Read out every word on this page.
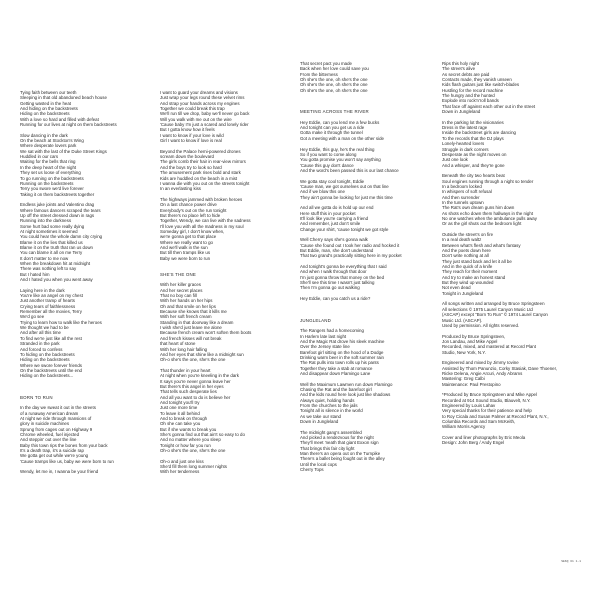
Tying faith between our teeth
Sleeping in that old abandoned beach house
Getting wasted in the heat
And hiding on the backstreets
Hiding on the backstreets
With a love so hard and filled with defeat
Running for our lives at night on them backstreets
Slow dancing in the dark
On the beach at Stockton's Wing
Where desperate lovers park
We sat with the last of the Duke Street Kings
Huddled in our cars
Waiting for the bells that ring
In the deep heart of the night
They set us loose of everything
To go running on the backstreets
Running on the backstreets
Terry you swore we'd live forever
Taking it on them backstreets together
Endless juke joints and Valentino drag
Where famous dancers scraped the tears
Up off the street dressed down in rags
Running into the darkness
Some hurt bad some really dying
At night sometimes it seemed
You could hear the whole damn city crying
Blame it on the lies that killed us
Blame it on the truth that ran us down
You can blame it all on me Terry
It don't matter to me now
When the breakdown hit at midnight
There was nothing left to say
But I hated him
And I hated you when you went away
Laying here in the dark
You're like an angel on my chest
Just another tramp of hearts
Crying tears of faithlessness
Remember all the movies, Terry
We'd go see
Trying to learn how to walk like the heroes
We thought we had to be
And after all this time
To find we're just like all the rest
Stranded in the park
And forced to confess
To hiding on the backstreets
Hiding on the backstreets
Where we swore forever friends
On the backstreets until the end
Hiding on the backstreets...
BORN TO RUN
In the day we sweat it out in the streets
of a runaway American dream
At night we ride through mansions of
glory in suicide machines
Sprung from cages out on Highway 9
Chrome wheeled, fuel injected
And steppin' out over the line
Baby this town rips the bones from your back
It's a death trap, it's a suicide rap
We gotta get out while we're young
'Cause tramps like us, baby we were born to run
Wendy, let me in, I wanna be your friend
I want to guard your dreams and visions
Just wrap your legs round these velvet rims
And strap your hands across my engines
Together we could break this trap
We'll run till we drop, baby we'll never go back
Will you walk with me out on the wire
'Cause baby I'm just a scared and lonely rider
But I gotta know how it feels
I want to know if your love is wild
Girl I want to know if love is real
Beyond the Palace hemi-powered drones
scream down the boulevard
The girls comb their hair in rear-view mirrors
And the boys try to look so hard
The amusement park rises bold and stark
Kids are huddled on the beach in a mist
I wanna die with you out on the streets tonight
In an everlasting kiss
The highways jammed with broken heroes
On a last chance power drive
Everybody's out on the run tonight
But there's no place left to hide
Together, Wendy, we can live with the sadness
I'll love you with all the madness in my soul
Someday girl, I don't know when,
we're gonna get to that place
Where we really want to go
And we'll walk in the sun
But till then tramps like us
Baby we were born to run
SHE'S THE ONE
With her killer graces
And her secret places
That no boy can fill
With her hands on her hips
Oh and that smile on her lips
Because she knows that it kills me
With her soft french cream
Standing in that doorway like a dream
I wish she'd just leave me alone
Because french cream won't soften them boots
And french kisses will not break
that heart of stone
With her long hair falling
And her eyes that shine like a midnight sun
Oh-o she's the one, she's the one
That thunder in your heart
At night when you're kneeling in the dark
It says you're never gonna leave her
But there's this angel in her eyes
That tells such desperate lies
And all you want to do is believe her
And tonight you'll try
Just one more time
To leave it all behind
And to break on through
Oh she can take you
But if she wants to break you
She's gonna find out that ain't so easy to do
And no matter where you sleep
Tonight or how far you run
Oh-o she's the one, she's the one
Oh-o and just one kiss
She'd fill them long summer nights
With her tenderness
That secret pact you made
Back when her love could save you
From the bitterness
Oh she's the one, oh she's the one
Oh she's the one, oh she's the one
Oh she's the one, oh she's the one
MEETING ACROSS THE RIVER
Hey Eddie, can you lend me a few bucks
And tonight can you get us a ride
Gotta make it through the tunnel
Got a meeting with a man on the other side
Hey Eddie, this guy, he's the real thing
So if you want to come along
You gotta promise you won't say anything
'Cause this guy don't dance
And the word's been passed this is our last chance
We gotta stay cool tonight, Eddie
'Cause man, we got ourselves out on that line
And if we blow this one
They ain't gonna be looking for just me this time
And all we gotta do is hold up our end
Here stuff this in your pocket
It'll look like you're carrying a friend
And remember, just don't smile
Change your shirt, 'cause tonight we got style
Well Cherry says she's gonna walk
'Cause she found out I took her radio and hocked it
But Eddie, man, she don't understand
That two grand's practically sitting here in my pocket
And tonight's gonna be everything that I said
And when I walk through that door
I'm just gonna throw that money on the bed
She'll see this time I wasn't just talking
Then I'm gonna go out walking
Hey Eddie, can you catch us a ride?
JUNGLELAND
The Rangers had a homecoming
In Harlem late last night
And the Magic Rat drove his sleek machine
Over the Jersey state line
Barefoot girl sitting on the hood of a Dodge
Drinking warm beer in the soft summer rain
The Rat pulls into town rolls up his pants
Together they take a stab at romance
And disappear down Flamingo Lane
Well the Maximum Lawmen run down Flamingo
Chasing the Rat and the barefoot girl
And the kids round here look just like shadows
Always quiet, holding hands
From the churches to the jails
Tonight all is silence in the world
As we take our stand
Down in Jungleland
The midnight gang's assembled
And picked a rendezvous for the night
They'll meet 'neath that giant Exxon sign
That brings this fair city light
Man there's an opera out on the Turnpike
There's a ballet being fought out in the alley
Until the local cops
Cherry Tops
Rips this holy night
The street's alive
As secret debts are paid
Contacts made, they vanish unseen
Kids flash guitars just like switch-blades
Hustling for the record machine
The hungry and the hunted
Explode into rock'n'roll bands
That face off against each other out in the street
Down in Jungleland
In the parking lot the visionaries
Dress in the latest rage
Inside the backstreet girls are dancing
To the records that the DJ plays
Lonely-hearted lovers
Struggle in dark corners
Desperate as the night moves on
Just one look
And a whisper, and they're gone
Beneath the city two hearts beat
Soul engines running through a night so tender
In a bedroom locked
In whispers of soft refusal
And then surrender
In the tunnels uptown
The Rat's own dream guns him down
As shots echo down them hallways in the night
No one watches when the ambulance pulls away
Or as the girl shuts out the bedroom light
Outside the street's on fire
In a real death waltz
Between what's flesh and what's fantasy
And the poets down here
Don't write nothing at all
They just stand back and let it all be
And in the quick of a knife
They reach for their moment
And try to make an honest stand
But they wind up wounded
Not even dead
Tonight in Jungleland
All songs written and arranged by Bruce Springsteen
All selections © 1975 Laurel Canyon Music Ltd
(ASCAP) except "Born To Run" © 1974 Laurel Canyon
Music Ltd. (ASCAP).
Used by permission. All rights reserved.
Produced by Bruce Springsteen,
Jon Landau, and Mike Appel
Recorded, mixed, and mastered at Record Plant
Studio, New York, N.Y.
Engineered and mixed by Jimmy Iovine
Assisted by Thom Panunzio, Corky Stasiak, Dave Thoener,
Ricke Delena, Angie Arcuri, Andy Abrams
Mastering: Greg Calbi
Maintenance: Paul Prestopino
*Produced by Bruce Springsteen and Mike Appel
Recorded at 914 Sound Studio, Blauvelt, N.Y.
Engineered by Louis Lahav
Very special thanks for their patience and help
to Roy Cicala and Susan Palmer at Record Plant, N.Y.,
Columbia Records and Sam McKeith,
William Morris Agency
Cover and liner photographs by Eric Meola
Design: John Berg / Andy Engel
SE6Q 61 1-1
